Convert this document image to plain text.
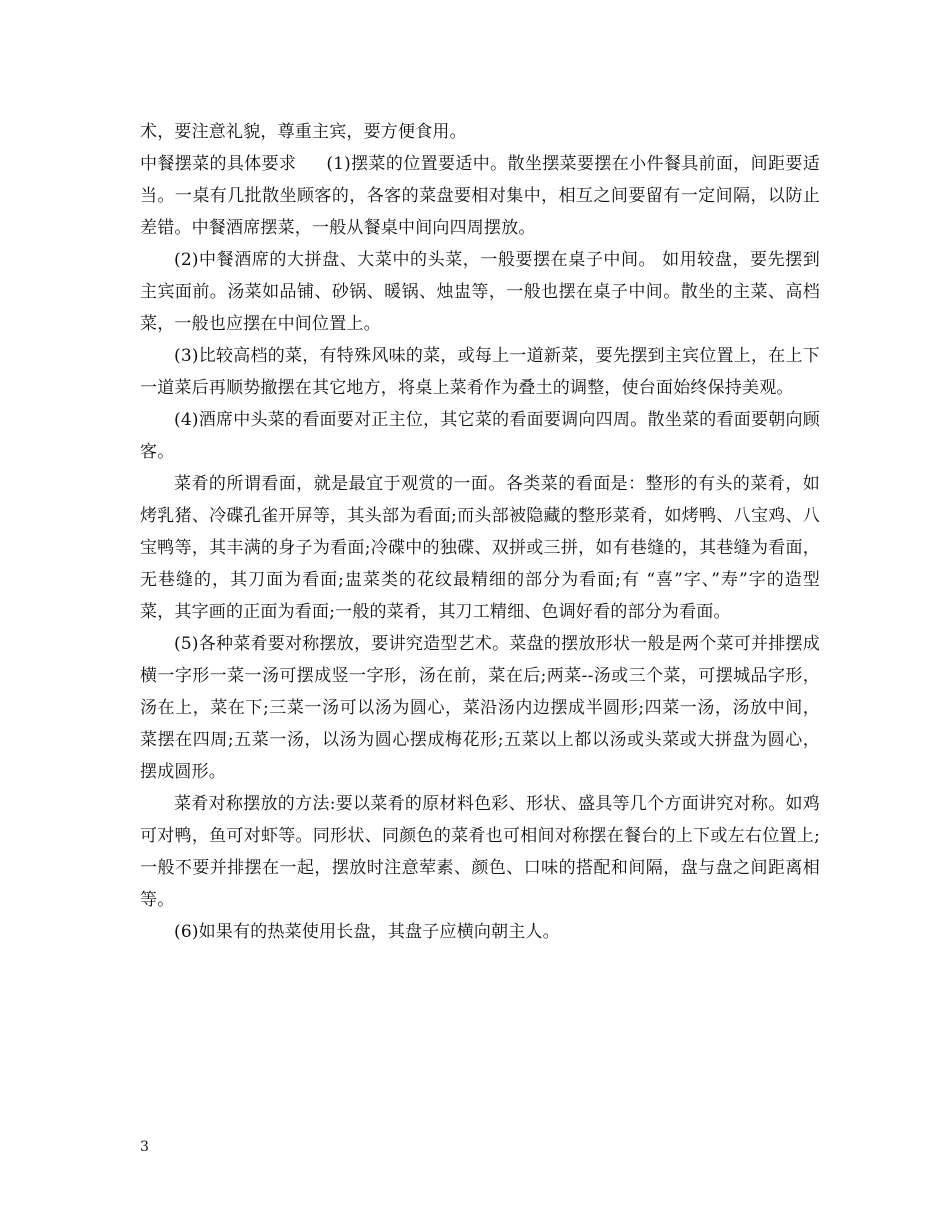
术，要注意礼貌，尊重主宾，要方便食用。

中餐摆菜的具体要求 (1)摆菜的位置要适中。散坐摆菜要摆在小件餐具前面，间距要适当。一桌有几批散坐顾客的，各客的菜盘要相对集中，相互之间要留有一定间隔，以防止差错。中餐酒席摆菜，一般从餐桌中间向四周摆放。

(2)中餐酒席的大拼盘、大菜中的头菜，一般要摆在桌子中间。 如用较盘，要先摆到主宾面前。汤菜如品铺、砂锅、暖锅、烛盅等，一般也摆在桌子中间。散坐的主菜、高档菜，一般也应摆在中间位置上。

(3)比较高档的菜，有特殊风味的菜，或每上一道新菜，要先摆到主宾位置上，在上下一道菜后再顺势撤摆在其它地方，将桌上菜肴作为叠土的调整，使台面始终保持美观。

(4)酒席中头菜的看面要对正主位，其它菜的看面要调向四周。散坐菜的看面要朝向顾客。

菜肴的所谓看面，就是最宜于观赏的一面。各类菜的看面是：整形的有头的菜肴，如烤乳猪、冷碟孔雀开屏等，其头部为看面;而头部被隐藏的整形菜肴，如烤鸭、八宝鸡、八宝鸭等，其丰满的身子为看面;冷碟中的独碟、双拼或三拼，如有巷缝的，其巷缝为看面，无巷缝的，其刀面为看面;盅菜类的花纹最精细的部分为看面;有 “喜”字、”寿”字的造型菜，其字画的正面为看面;一般的菜肴，其刀工精细、色调好看的部分为看面。

(5)各种菜肴要对称摆放，要讲究造型艺术。菜盘的摆放形状一般是两个菜可并排摆成横一字形一菜一汤可摆成竖一字形，汤在前，菜在后;两菜--汤或三个菜，可摆城品字形，汤在上，菜在下;三菜一汤可以汤为圆心，菜沿汤内边摆成半圆形;四菜一汤，汤放中间，菜摆在四周;五菜一汤，以汤为圆心摆成梅花形;五菜以上都以汤或头菜或大拼盘为圆心，摆成圆形。

菜肴对称摆放的方法:要以菜肴的原材料色彩、形状、盛具等几个方面讲究对称。如鸡可对鸭，鱼可对虾等。同形状、同颜色的菜肴也可相间对称摆在餐台的上下或左右位置上;一般不要并排摆在一起，摆放时注意荤素、颜色、口味的搭配和间隔，盘与盘之间距离相等。

(6)如果有的热菜使用长盘，其盘子应横向朝主人。

3
